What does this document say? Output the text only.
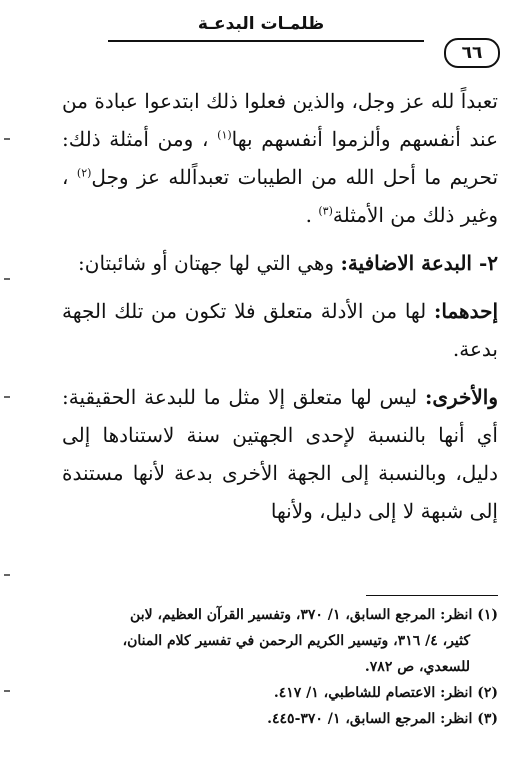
ظلمـات البدعـة
٦٦

تعبداً لله عز وجل، والذين فعلوا ذلك ابتدعوا عبادة من عند أنفسهم وألزموا أنفسهم بها$^{(١)}$ ، ومن أمثلة ذلك: تحريم ما أحل الله من الطيبات تعبداًلله عز وجل$^{(٢)}$ ، وغير ذلك من الأمثلة$^{(٣)}$ .

٢- البدعة الاضافية: وهي التي لها جهتان أو شائبتان:

إحدهما: لها من الأدلة متعلق فلا تكون من تلك الجهة بدعة.

والأخرى: ليس لها متعلق إلا مثل ما للبدعة الحقيقية: أي أنها بالنسبة لإحدى الجهتين سنة لاستنادها إلى دليل، وبالنسبة إلى الجهة الأخرى بدعة لأنها مستندة إلى شبهة لا إلى دليل، ولأنها

(١) انظر: المرجع السابق، ١/ ٣٧٠، وتفسير القرآن العظيم، لابن

كثير، ٤/ ٣١٦، وتيسير الكريم الرحمن في تفسير كلام المنان،

للسعدي، ص ٧٨٢.

(٢) انظر: الاعتصام للشاطبي، ١/ ٤١٧.

(٣) انظر: المرجع السابق، ١/ ٣٧٠-٤٤٥.
